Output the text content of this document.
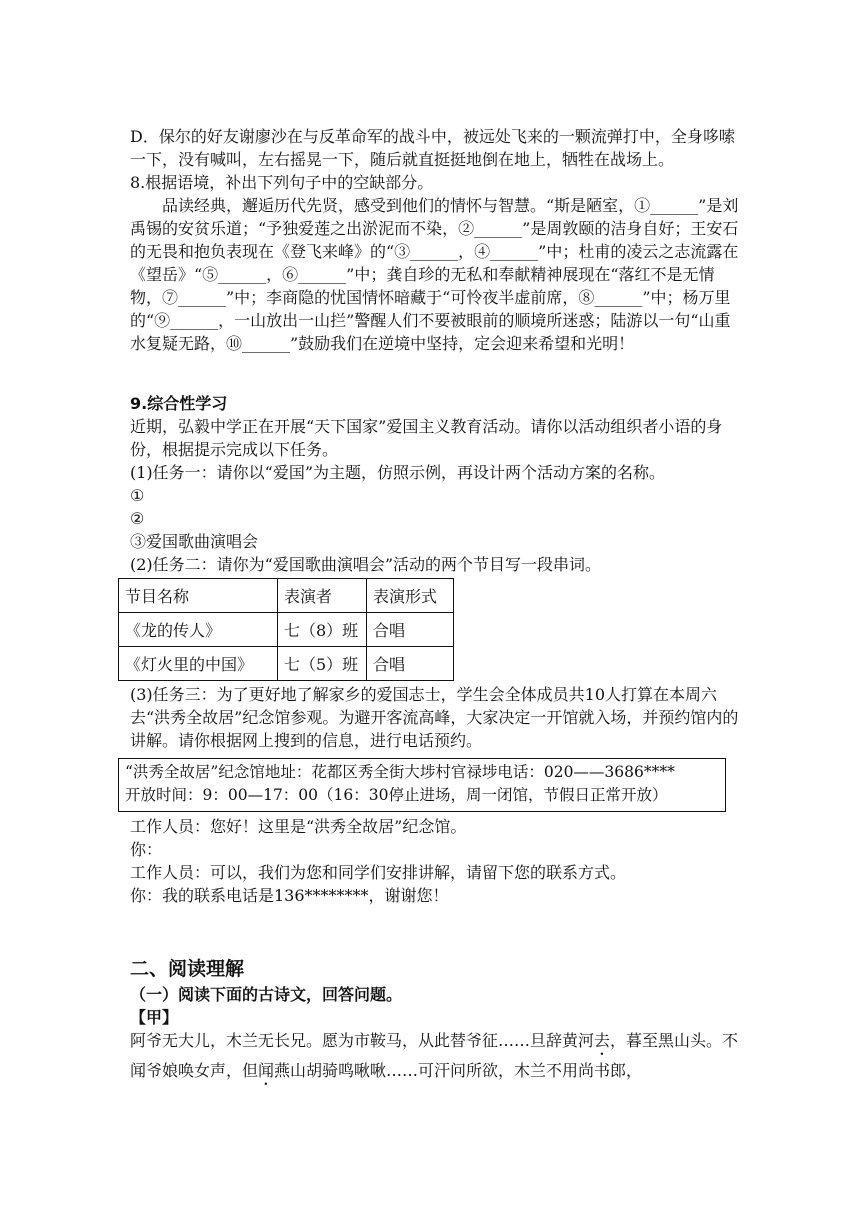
D．保尔的好友谢廖沙在与反革命军的战斗中，被远处飞来的一颗流弹打中，全身哆嗦一下，没有喊叫，左右摇晃一下，随后就直挺挺地倒在地上，牺牲在战场上。

8.根据语境，补出下列句子中的空缺部分。

品读经典，邂逅历代先贤，感受到他们的情怀与智慧。“斯是陋室，①______”是刘禹锡的安贫乐道；“予独爱莲之出淤泥而不染，②______”是周敦颐的洁身自好；王安石的无畏和抱负表现在《登飞来峰》的“③______，④______”中；杜甫的凌云之志流露在《望岳》“⑤______，⑥______”中；龚自珍的无私和奉献精神展现在“落红不是无情物，⑦______”中；李商隐的忧国情怀暗藏于“可怜夜半虚前席，⑧______”中；杨万里的“⑨______，一山放出一山拦”警醒人们不要被眼前的顺境所迷惑；陆游以一句“山重水复疑无路，⑩______”鼓励我们在逆境中坚持，定会迎来希望和光明！

9.综合性学习

近期，弘毅中学正在开展“天下国家”爱国主义教育活动。请你以活动组织者小语的身份，根据提示完成以下任务。

(1)任务一：请你以“爱国”为主题，仿照示例，再设计两个活动方案的名称。

①

②

③爱国歌曲演唱会

(2)任务二：请你为“爱国歌曲演唱会”活动的两个节目写一段串词。

节目名称	表演者	表演形式
《龙的传人》	七（8）班	合唱
《灯火里的中国》	七（5）班	合唱

(3)任务三：为了更好地了解家乡的爱国志士，学生会全体成员共10人打算在本周六去“洪秀全故居”纪念馆参观。为避开客流高峰，大家决定一开馆就入场，并预约馆内的讲解。请你根据网上搜到的信息，进行电话预约。

“洪秀全故居”纪念馆地址：花都区秀全街大埗村官禄埗电话：020——3686****
开放时间：9：00—17：00（16：30停止进场，周一闭馆，节假日正常开放）

工作人员：您好！这里是“洪秀全故居”纪念馆。

你：

工作人员：可以，我们为您和同学们安排讲解，请留下您的联系方式。

你：我的联系电话是136********，谢谢您！

二、阅读理解

（一）阅读下面的古诗文，回答问题。

【甲】

阿爷无大儿，木兰无长兄。愿为市鞍马，从此替爷征……旦辞黄河去，暮至黑山头。不闻爷娘唤女声，但闻燕山胡骑鸣啾啾……可汗问所欲，木兰不用尚书郎，
